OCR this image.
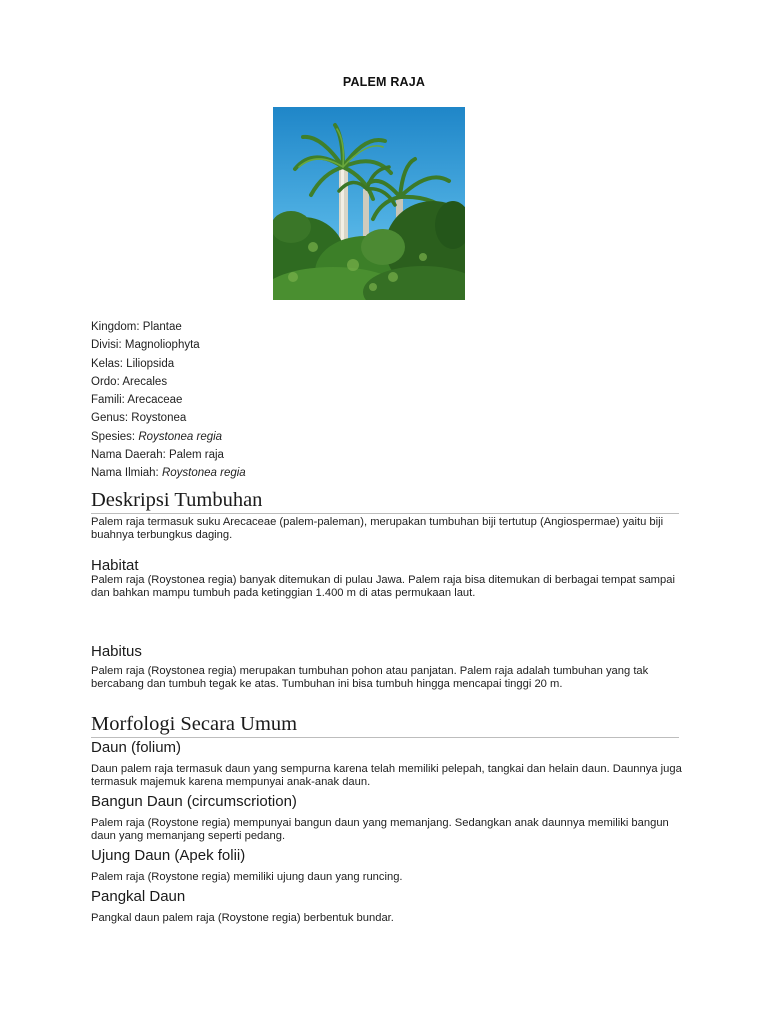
PALEM RAJA
Kingdom: Plantae
Divisi: Magnoliophyta
Kelas: Liliopsida
Ordo: Arecales
Famili: Arecaceae
Genus: Roystonea
Spesies: Roystonea regia
Nama Daerah: Palem raja
Nama Ilmiah: Roystonea regia
Deskripsi Tumbuhan
Palem raja termasuk suku Arecaceae (palem-paleman), merupakan tumbuhan biji tertutup (Angiospermae) yaitu biji buahnya terbungkus daging.
Habitat
Palem raja (Roystonea regia) banyak ditemukan di pulau Jawa. Palem raja bisa ditemukan di berbagai tempat sampai dan bahkan mampu tumbuh pada ketinggian 1.400 m di atas permukaan laut.
Habitus
Palem raja (Roystonea regia) merupakan tumbuhan pohon atau panjatan. Palem raja adalah tumbuhan yang tak bercabang dan tumbuh tegak ke atas. Tumbuhan ini bisa tumbuh hingga mencapai tinggi 20 m.
Morfologi Secara Umum
Daun (folium)
Daun palem raja termasuk daun yang sempurna karena telah memiliki pelepah, tangkai dan helain daun. Daunnya juga termasuk majemuk karena mempunyai anak-anak daun.
Bangun Daun (circumscriotion)
Palem raja (Roystone regia) mempunyai bangun daun yang memanjang. Sedangkan anak daunnya memiliki bangun daun yang memanjang seperti pedang.
Ujung Daun (Apek folii)
Palem raja (Roystone regia) memiliki ujung daun yang runcing.
Pangkal Daun
Pangkal daun palem raja (Roystone regia) berbentuk bundar.
